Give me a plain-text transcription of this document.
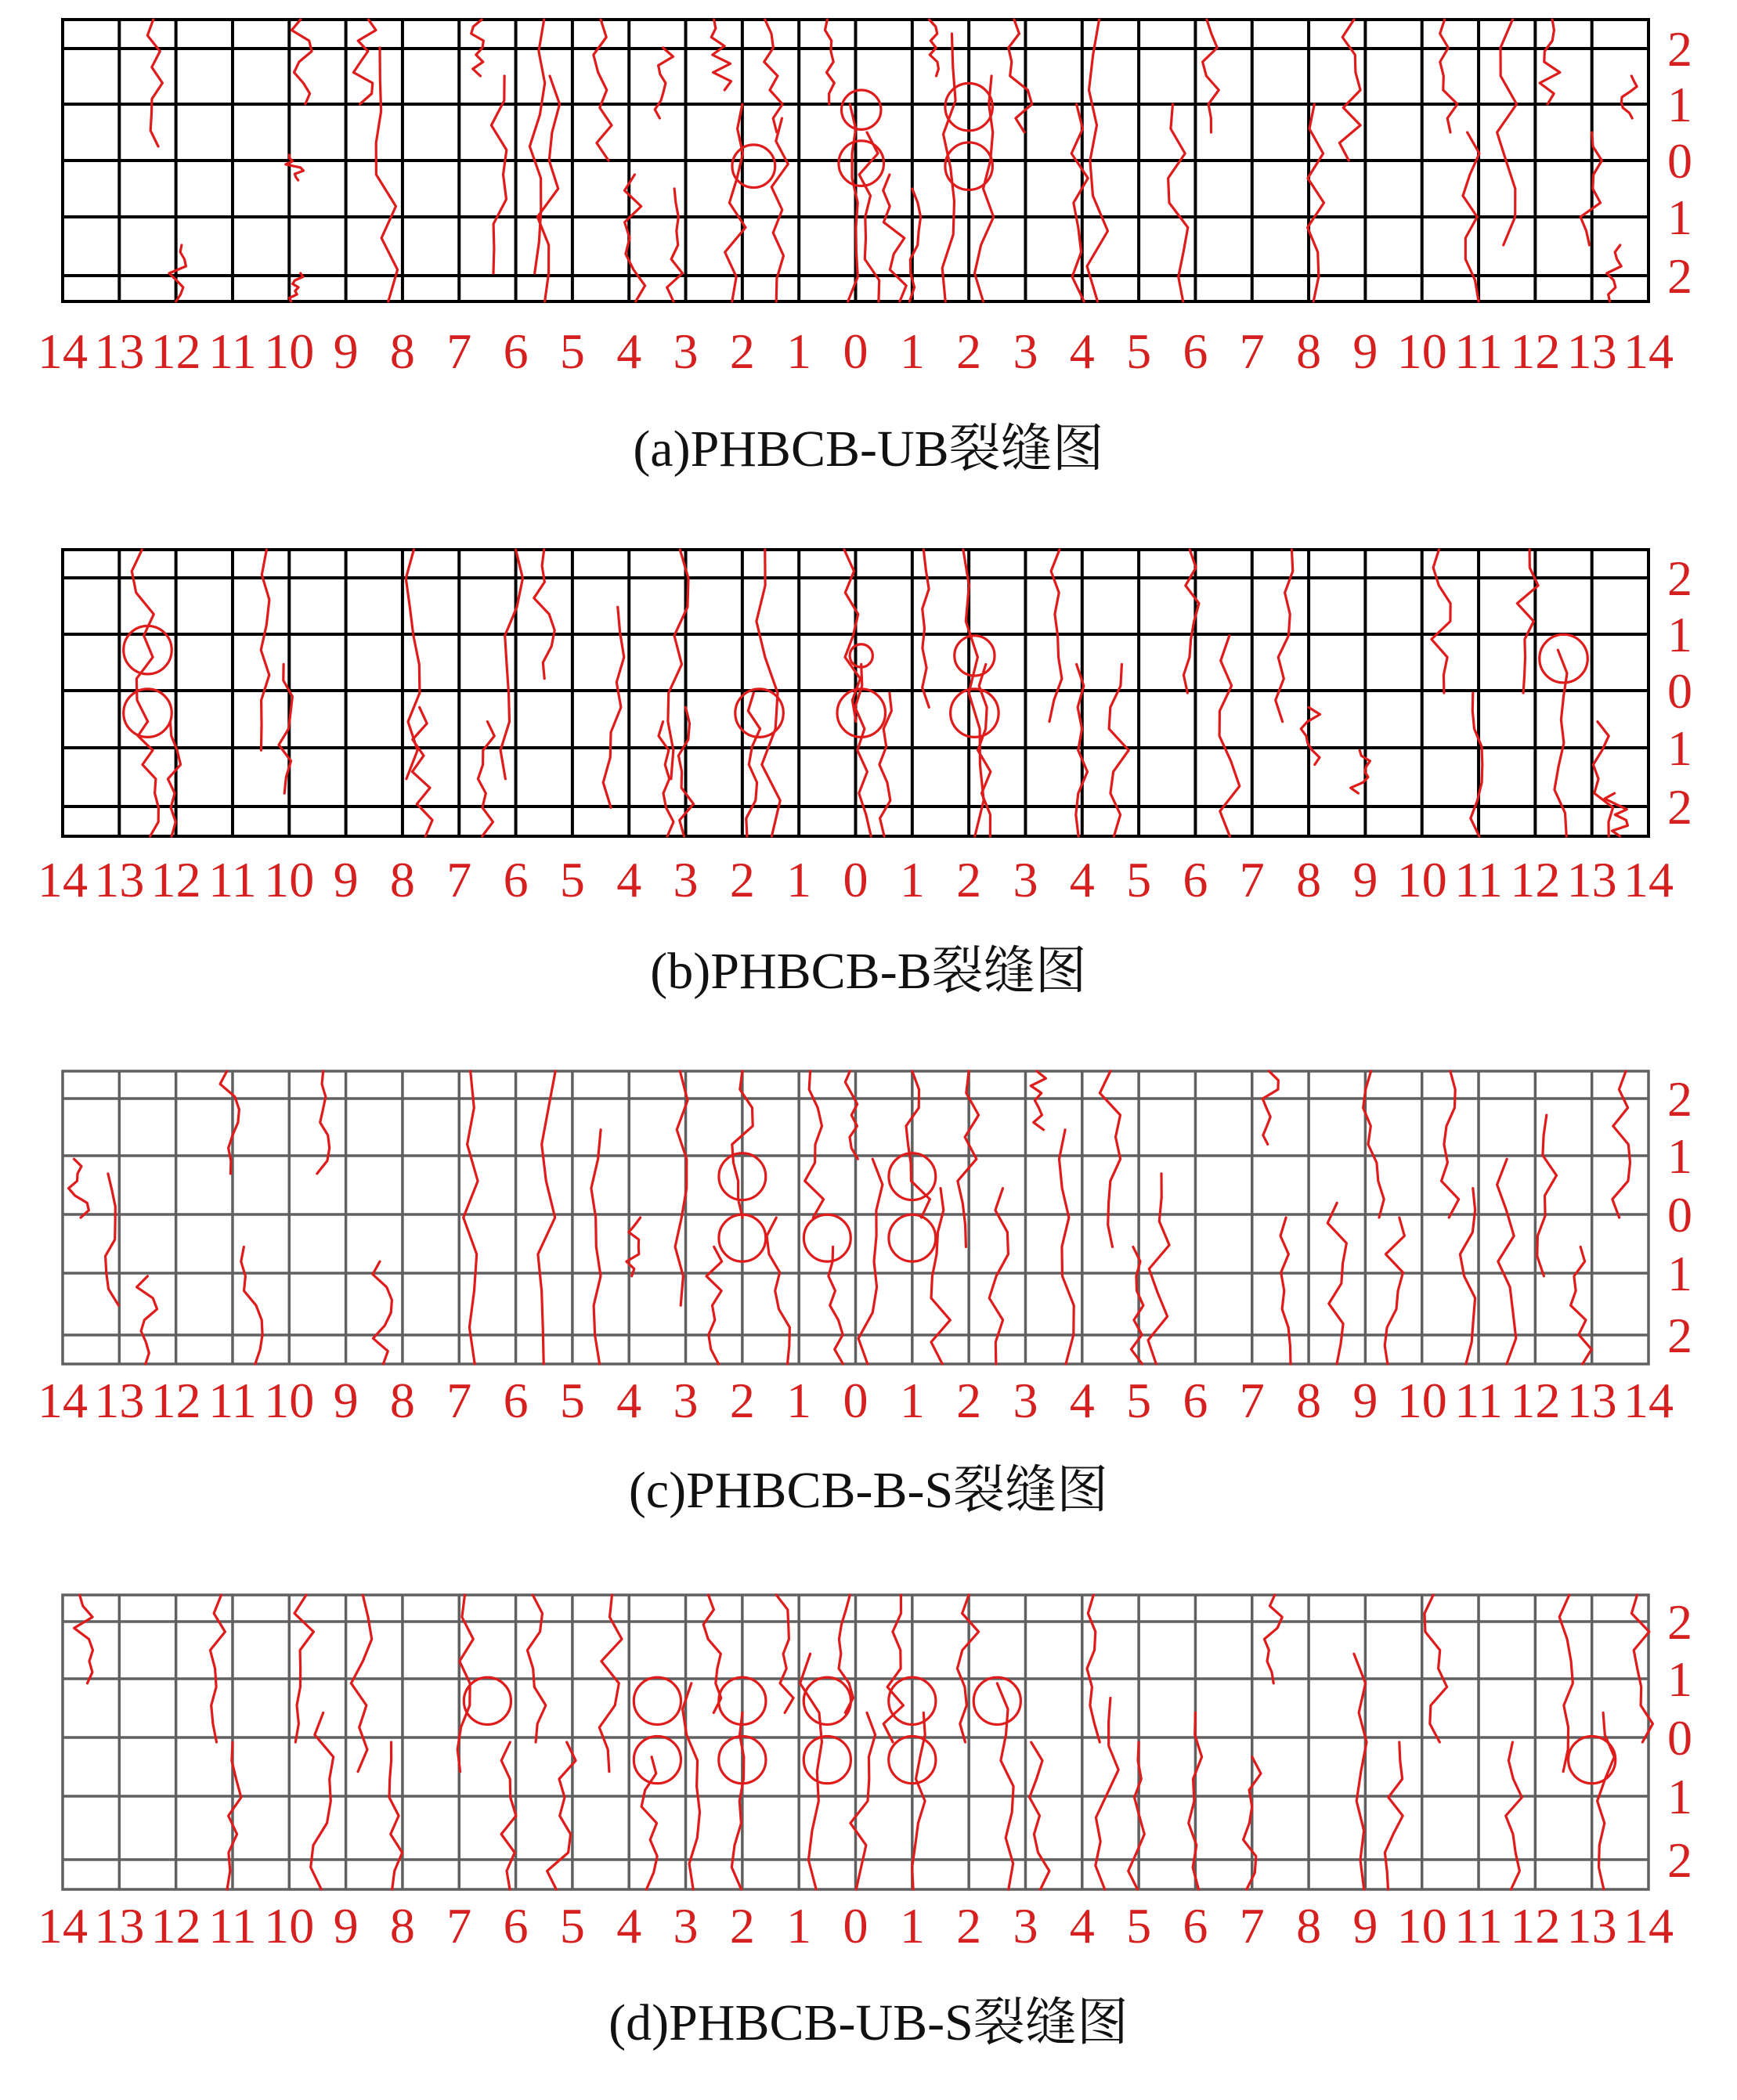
14 13 12 11 10 9 8 7 6 5 4 3 2 1 0 1 2 3 4 5 6 7 8 9 10 11 12 13 14
2
1
0
1
2
(a)PHBCB-UB裂缝图
14 13 12 11 10 9 8 7 6 5 4 3 2 1 0 1 2 3 4 5 6 7 8 9 10 11 12 13 14
2
1
0
1
2
(b)PHBCB-B裂缝图
14 13 12 11 10 9 8 7 6 5 4 3 2 1 0 1 2 3 4 5 6 7 8 9 10 11 12 13 14
2
1
0
1
2
(c)PHBCB-B-S裂缝图
14 13 12 11 10 9 8 7 6 5 4 3 2 1 0 1 2 3 4 5 6 7 8 9 10 11 12 13 14
2
1
0
1
2
(d)PHBCB-UB-S裂缝图
